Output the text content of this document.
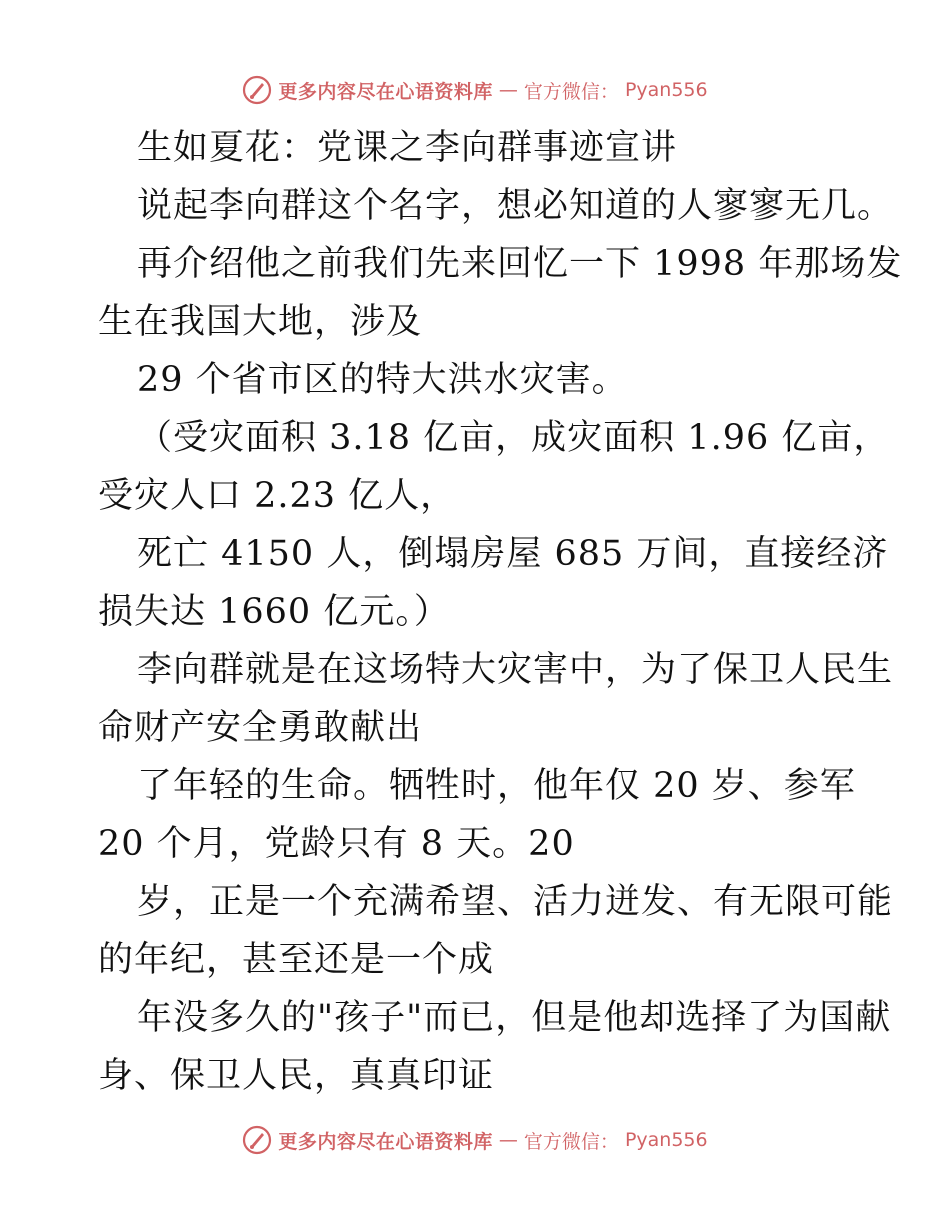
更多内容尽在心语资料库 — 官方微信： Pyan556
生如夏花：党课之李向群事迹宣讲
说起李向群这个名字，想必知道的人寥寥无几。
再介绍他之前我们先来回忆一下 1998 年那场发
生在我国大地，涉及
29 个省市区的特大洪水灾害。
（受灾面积 3.18 亿亩，成灾面积 1.96 亿亩，
受灾人口 2.23 亿人，
死亡 4150 人，倒塌房屋 685 万间，直接经济
损失达 1660 亿元。）
李向群就是在这场特大灾害中，为了保卫人民生
命财产安全勇敢献出
了年轻的生命。牺牲时，他年仅 20 岁、参军
20 个月，党龄只有 8 天。20
岁，正是一个充满希望、活力迸发、有无限可能
的年纪，甚至还是一个成
年没多久的"孩子"而已，但是他却选择了为国献
身、保卫人民，真真印证
更多内容尽在心语资料库 — 官方微信： Pyan556
